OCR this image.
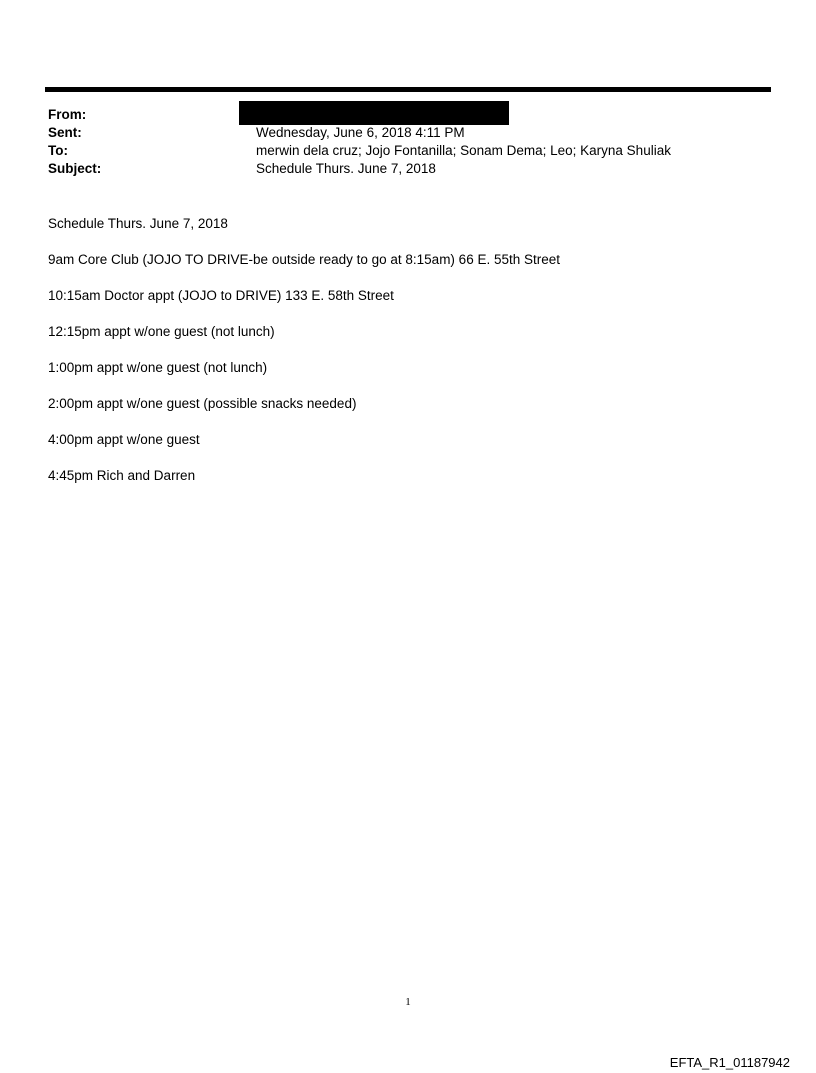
From:
Sent:	Wednesday, June 6, 2018 4:11 PM
To:	merwin dela cruz; Jojo Fontanilla; Sonam Dema; Leo; Karyna Shuliak
Subject:	Schedule Thurs. June 7, 2018
Schedule Thurs. June 7, 2018
9am Core Club (JOJO TO DRIVE-be outside ready to go at 8:15am) 66 E. 55th Street
10:15am Doctor appt (JOJO to DRIVE) 133 E. 58th Street
12:15pm appt w/one guest (not lunch)
1:00pm appt w/one guest (not lunch)
2:00pm appt w/one guest (possible snacks needed)
4:00pm appt w/one guest
4:45pm Rich and Darren
1
EFTA_R1_01187942
